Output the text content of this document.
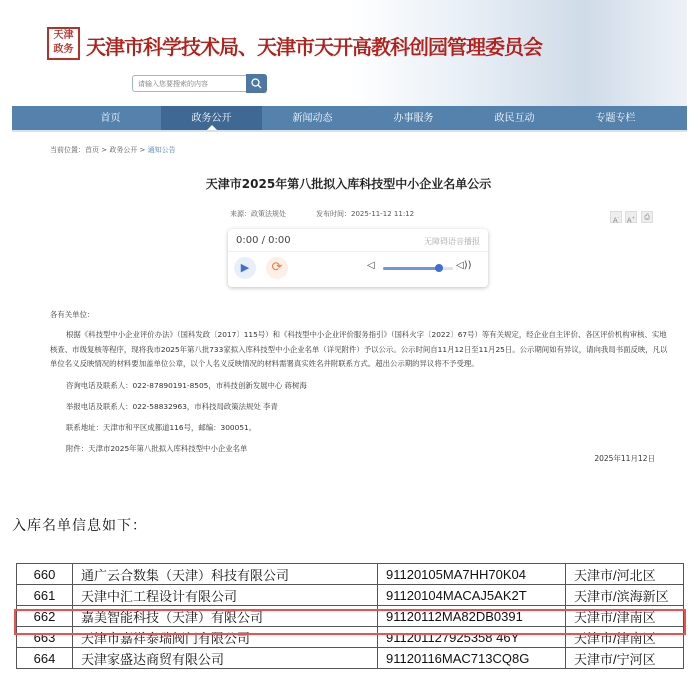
天津
政务 天津市科学技术局、天津市天开高教科创园管理委员会
请输入您要搜索的内容
首页	政务公开	新闻动态	办事服务	政民互动	专题专栏
当前位置：首页 > 政务公开 > 通知公告
天津市2025年第八批拟入库科技型中小企业名单公示
来源：政策法规处	发布时间：2025-11-12 11:12
A-	A+	⎙
0:00 / 0:00	无障碍语音播报
▶	⟳	◁	◁))

各有关单位：

根据《科技型中小企业评价办法》（国科发政〔2017〕115号）和《科技型中小企业评价服务指引》（国科火字〔2022〕67号）等有关规定，经企业自主评价、各区评价机构审核、实地核查、市级复核等程序，现将我市2025年第八批733家拟入库科技型中小企业名单（详见附件）予以公示。公示时间自11月12日至11月25日。公示期间如有异议，请向我局书面反映，凡以单位名义反映情况的材料要加盖单位公章，以个人名义反映情况的材料需署真实姓名并附联系方式。超出公示期的异议将不予受理。

咨询电话及联系人：022-87890191-8505，市科技创新发展中心 蒋树海

举报电话及联系人：022-58832963，市科技局政策法规处 李青

联系地址：天津市和平区成都道116号，邮编：300051。

附件：天津市2025年第八批拟入库科技型中小企业名单

2025年11月12日
入库名单信息如下：
660	通广云合数集（天津）科技有限公司	91120105MA7HH70K04	天津市/河北区
661	天津中汇工程设计有限公司	91120104MACAJ5AK2T	天津市/滨海新区
662	嘉美智能科技（天津）有限公司	91120112MA82DB0391	天津市/津南区
663	天津市嘉祥泰瑞阀门有限公司	911201127925358 46Y	天津市/津南区
664	天津家盛达商贸有限公司	91120116MAC713CQ8G	天津市/宁河区
